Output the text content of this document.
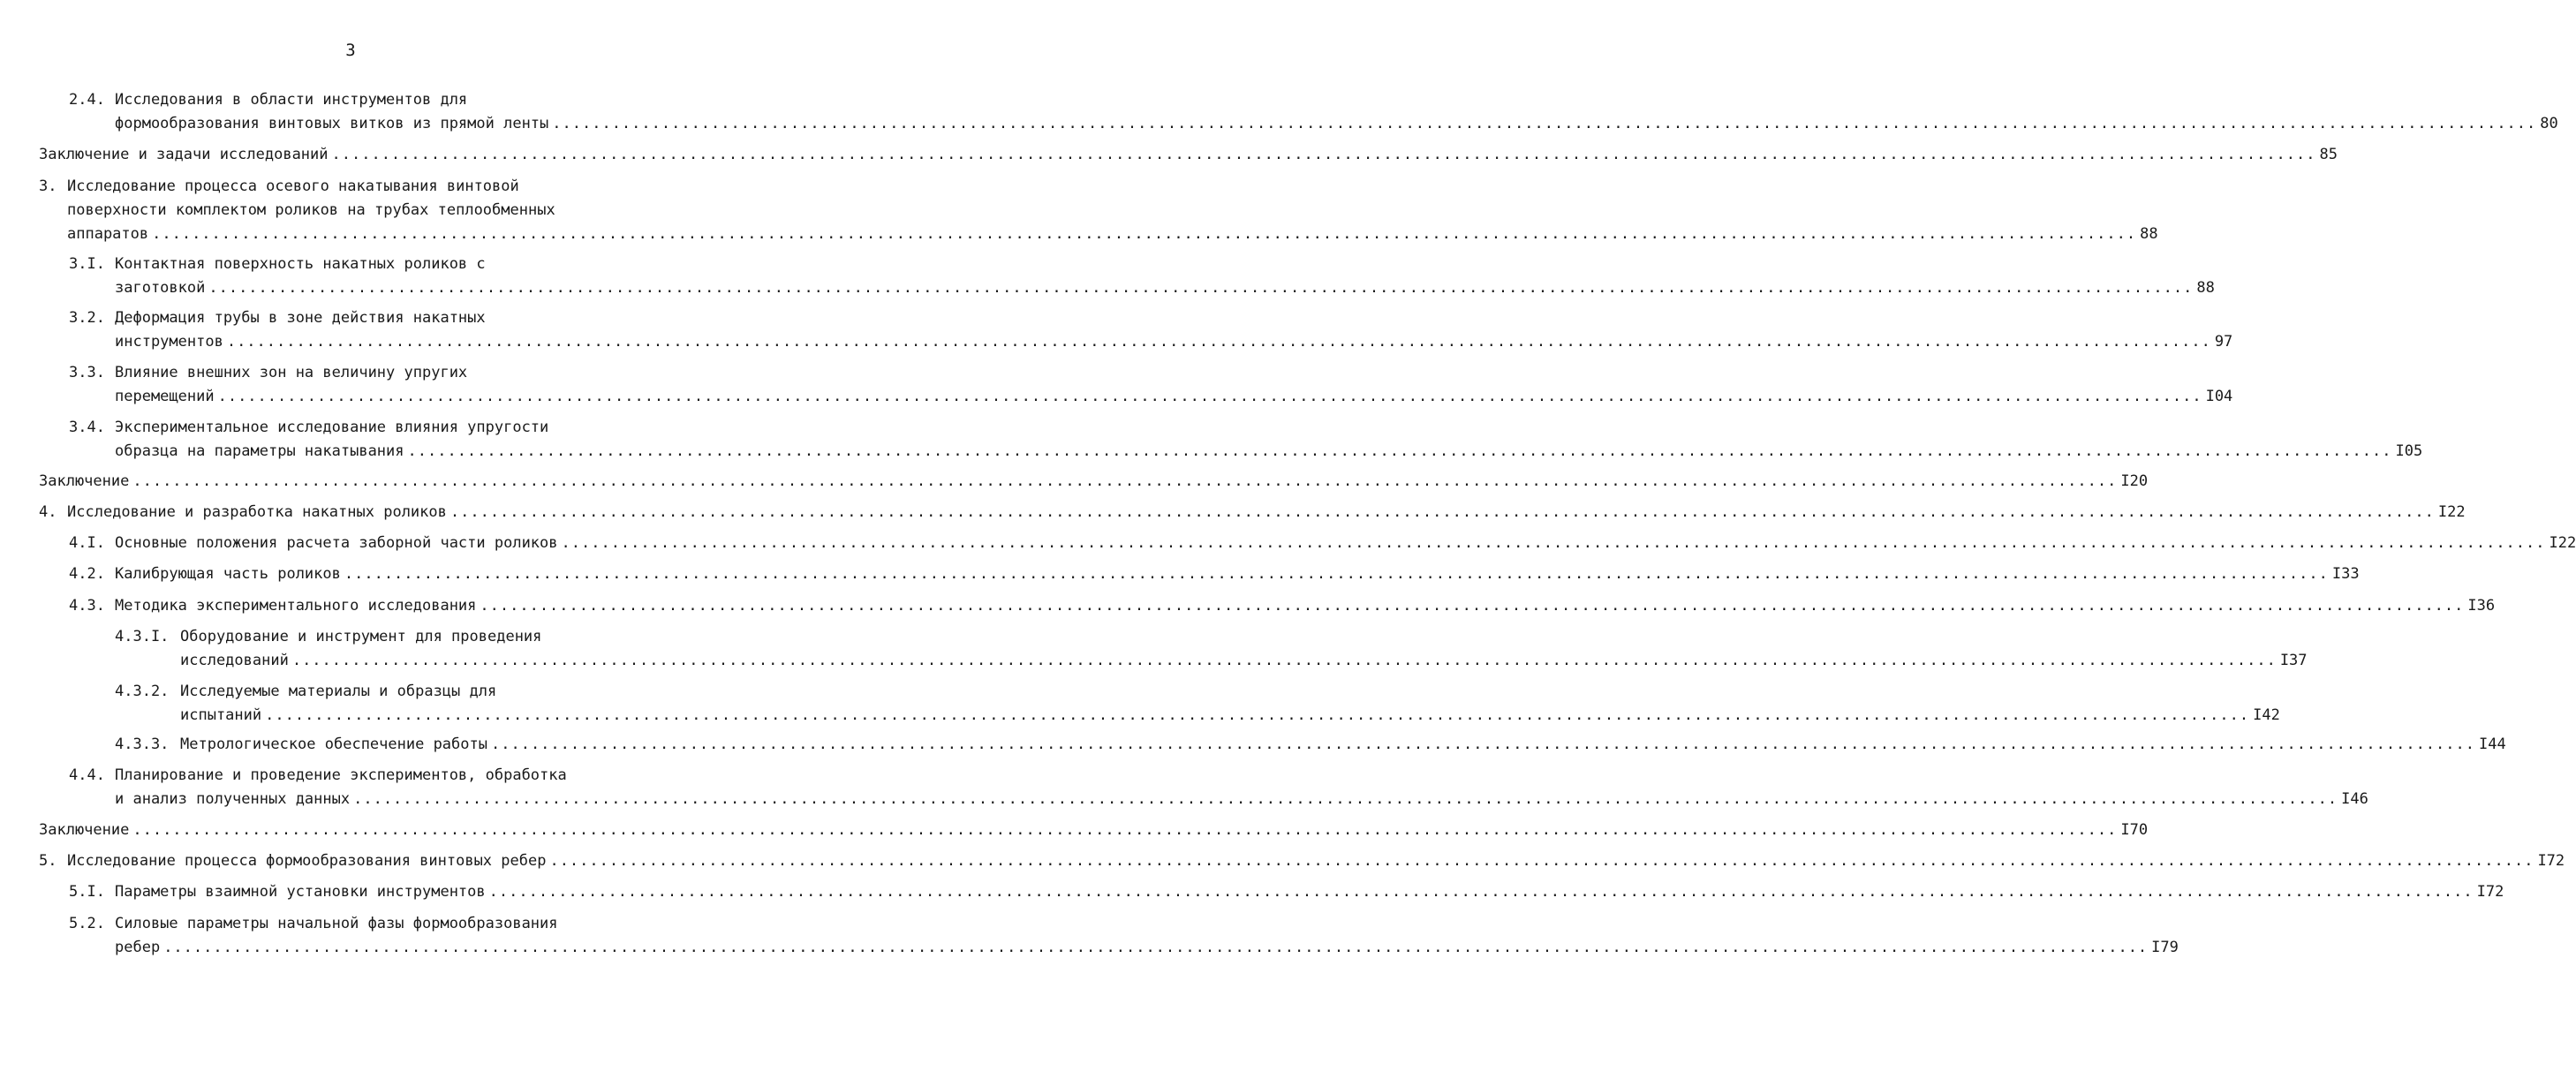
3
2.4. Исследования в области инструментов для
формообразования винтовых витков из прямой ленты ........................................................................................................................................................................................................ 80
Заключение и задачи исследований ........................................................................................................................................................................................................ 85
3. Исследование процесса осевого накатывания винтовой
поверхности комплектом роликов на трубах теплообменных
аппаратов ........................................................................................................................................................................................................ 88
3.I. Контактная поверхность накатных роликов с
заготовкой ........................................................................................................................................................................................................ 88
3.2. Деформация трубы в зоне действия накатных
инструментов ........................................................................................................................................................................................................ 97
3.3. Влияние внешних зон на величину упругих
перемещений ........................................................................................................................................................................................................ I04
3.4. Экспериментальное исследование влияния упругости
образца на параметры накатывания ........................................................................................................................................................................................................ I05
Заключение ........................................................................................................................................................................................................ I20
4. Исследование и разработка накатных роликов ........................................................................................................................................................................................................ I22
4.I. Основные положения расчета заборной части роликов ........................................................................................................................................................................................................ I22
4.2. Калибрующая часть роликов ........................................................................................................................................................................................................ I33
4.3. Методика экспериментального исследования ........................................................................................................................................................................................................ I36
4.3.I. Оборудование и инструмент для проведения
исследований ........................................................................................................................................................................................................ I37
4.3.2. Исследуемые материалы и образцы для
испытаний ........................................................................................................................................................................................................ I42
4.3.3. Метрологическое обеспечение работы ........................................................................................................................................................................................................ I44
4.4. Планирование и проведение экспериментов, обработка
и анализ полученных данных ........................................................................................................................................................................................................ I46
Заключение ........................................................................................................................................................................................................ I70
5. Исследование процесса формообразования винтовых ребер ........................................................................................................................................................................................................ I72
5.I. Параметры взаимной установки инструментов ........................................................................................................................................................................................................ I72
5.2. Силовые параметры начальной фазы формообразования
ребер ........................................................................................................................................................................................................ I79
